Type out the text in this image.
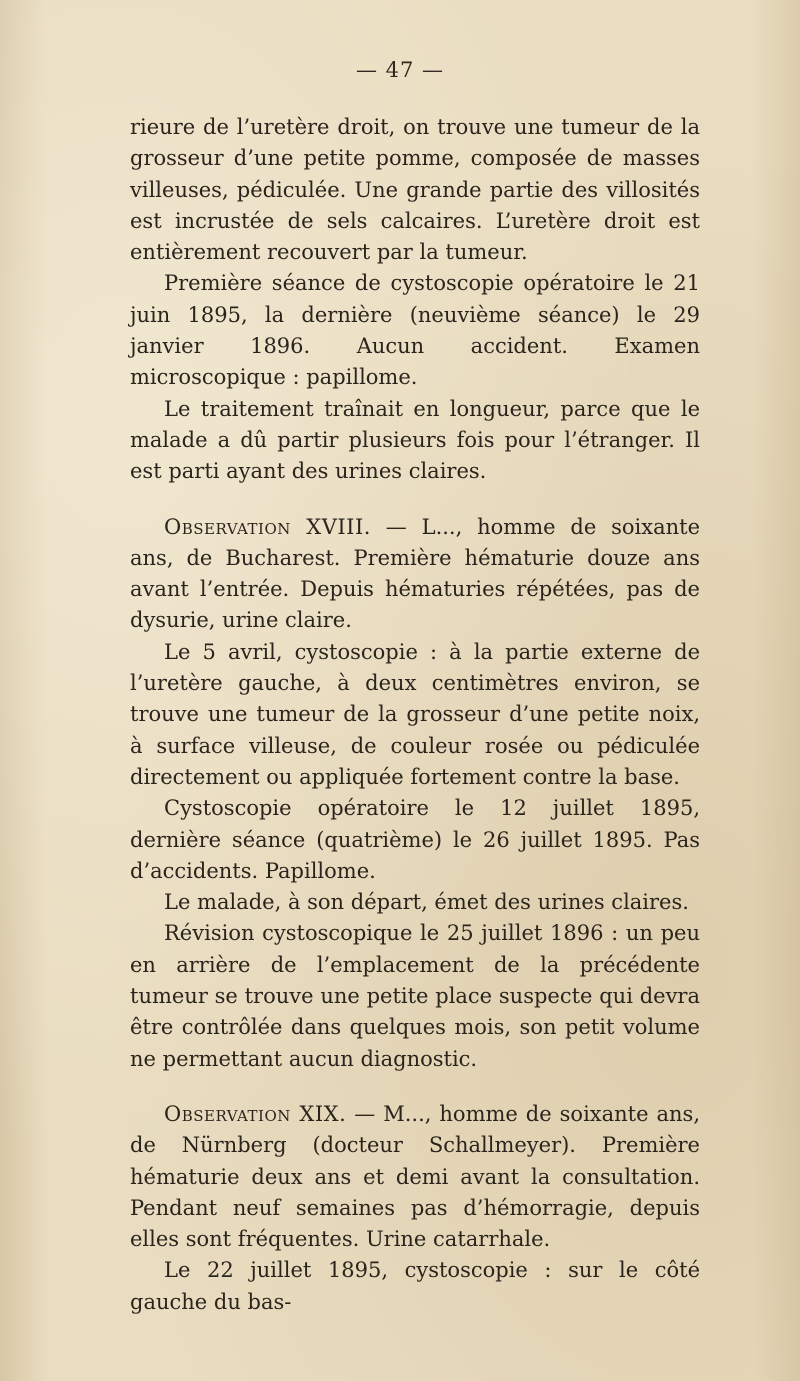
— 47 —

rieure de l’uretère droit, on trouve une tumeur de la grosseur d’une petite pomme, composée de masses villeuses, pédiculée. Une grande partie des villosités est incrustée de sels calcaires. L’uretère droit est entièrement recouvert par la tumeur.

Première séance de cystoscopie opératoire le 21 juin 1895, la dernière (neuvième séance) le 29 janvier 1896. Aucun accident. Examen microscopique : papillome.

Le traitement traînait en longueur, parce que le malade a dû partir plusieurs fois pour l’étranger. Il est parti ayant des urines claires.

Observation XVIII. — L..., homme de soixante ans, de Bucharest. Première hématurie douze ans avant l’entrée. Depuis hématuries répétées, pas de dysurie, urine claire.

Le 5 avril, cystoscopie : à la partie externe de l’uretère gauche, à deux centimètres environ, se trouve une tumeur de la grosseur d’une petite noix, à surface villeuse, de couleur rosée ou pédiculée directement ou appliquée fortement contre la base.

Cystoscopie opératoire le 12 juillet 1895, dernière séance (quatrième) le 26 juillet 1895. Pas d’accidents. Papillome.

Le malade, à son départ, émet des urines claires.

Révision cystoscopique le 25 juillet 1896 : un peu en arrière de l’emplacement de la précédente tumeur se trouve une petite place suspecte qui devra être contrôlée dans quelques mois, son petit volume ne permettant aucun diagnostic.

Observation XIX. — M..., homme de soixante ans, de Nürnberg (docteur Schallmeyer). Première hématurie deux ans et demi avant la consultation. Pendant neuf semaines pas d’hémorragie, depuis elles sont fréquentes. Urine catarrhale.

Le 22 juillet 1895, cystoscopie : sur le côté gauche du bas-
